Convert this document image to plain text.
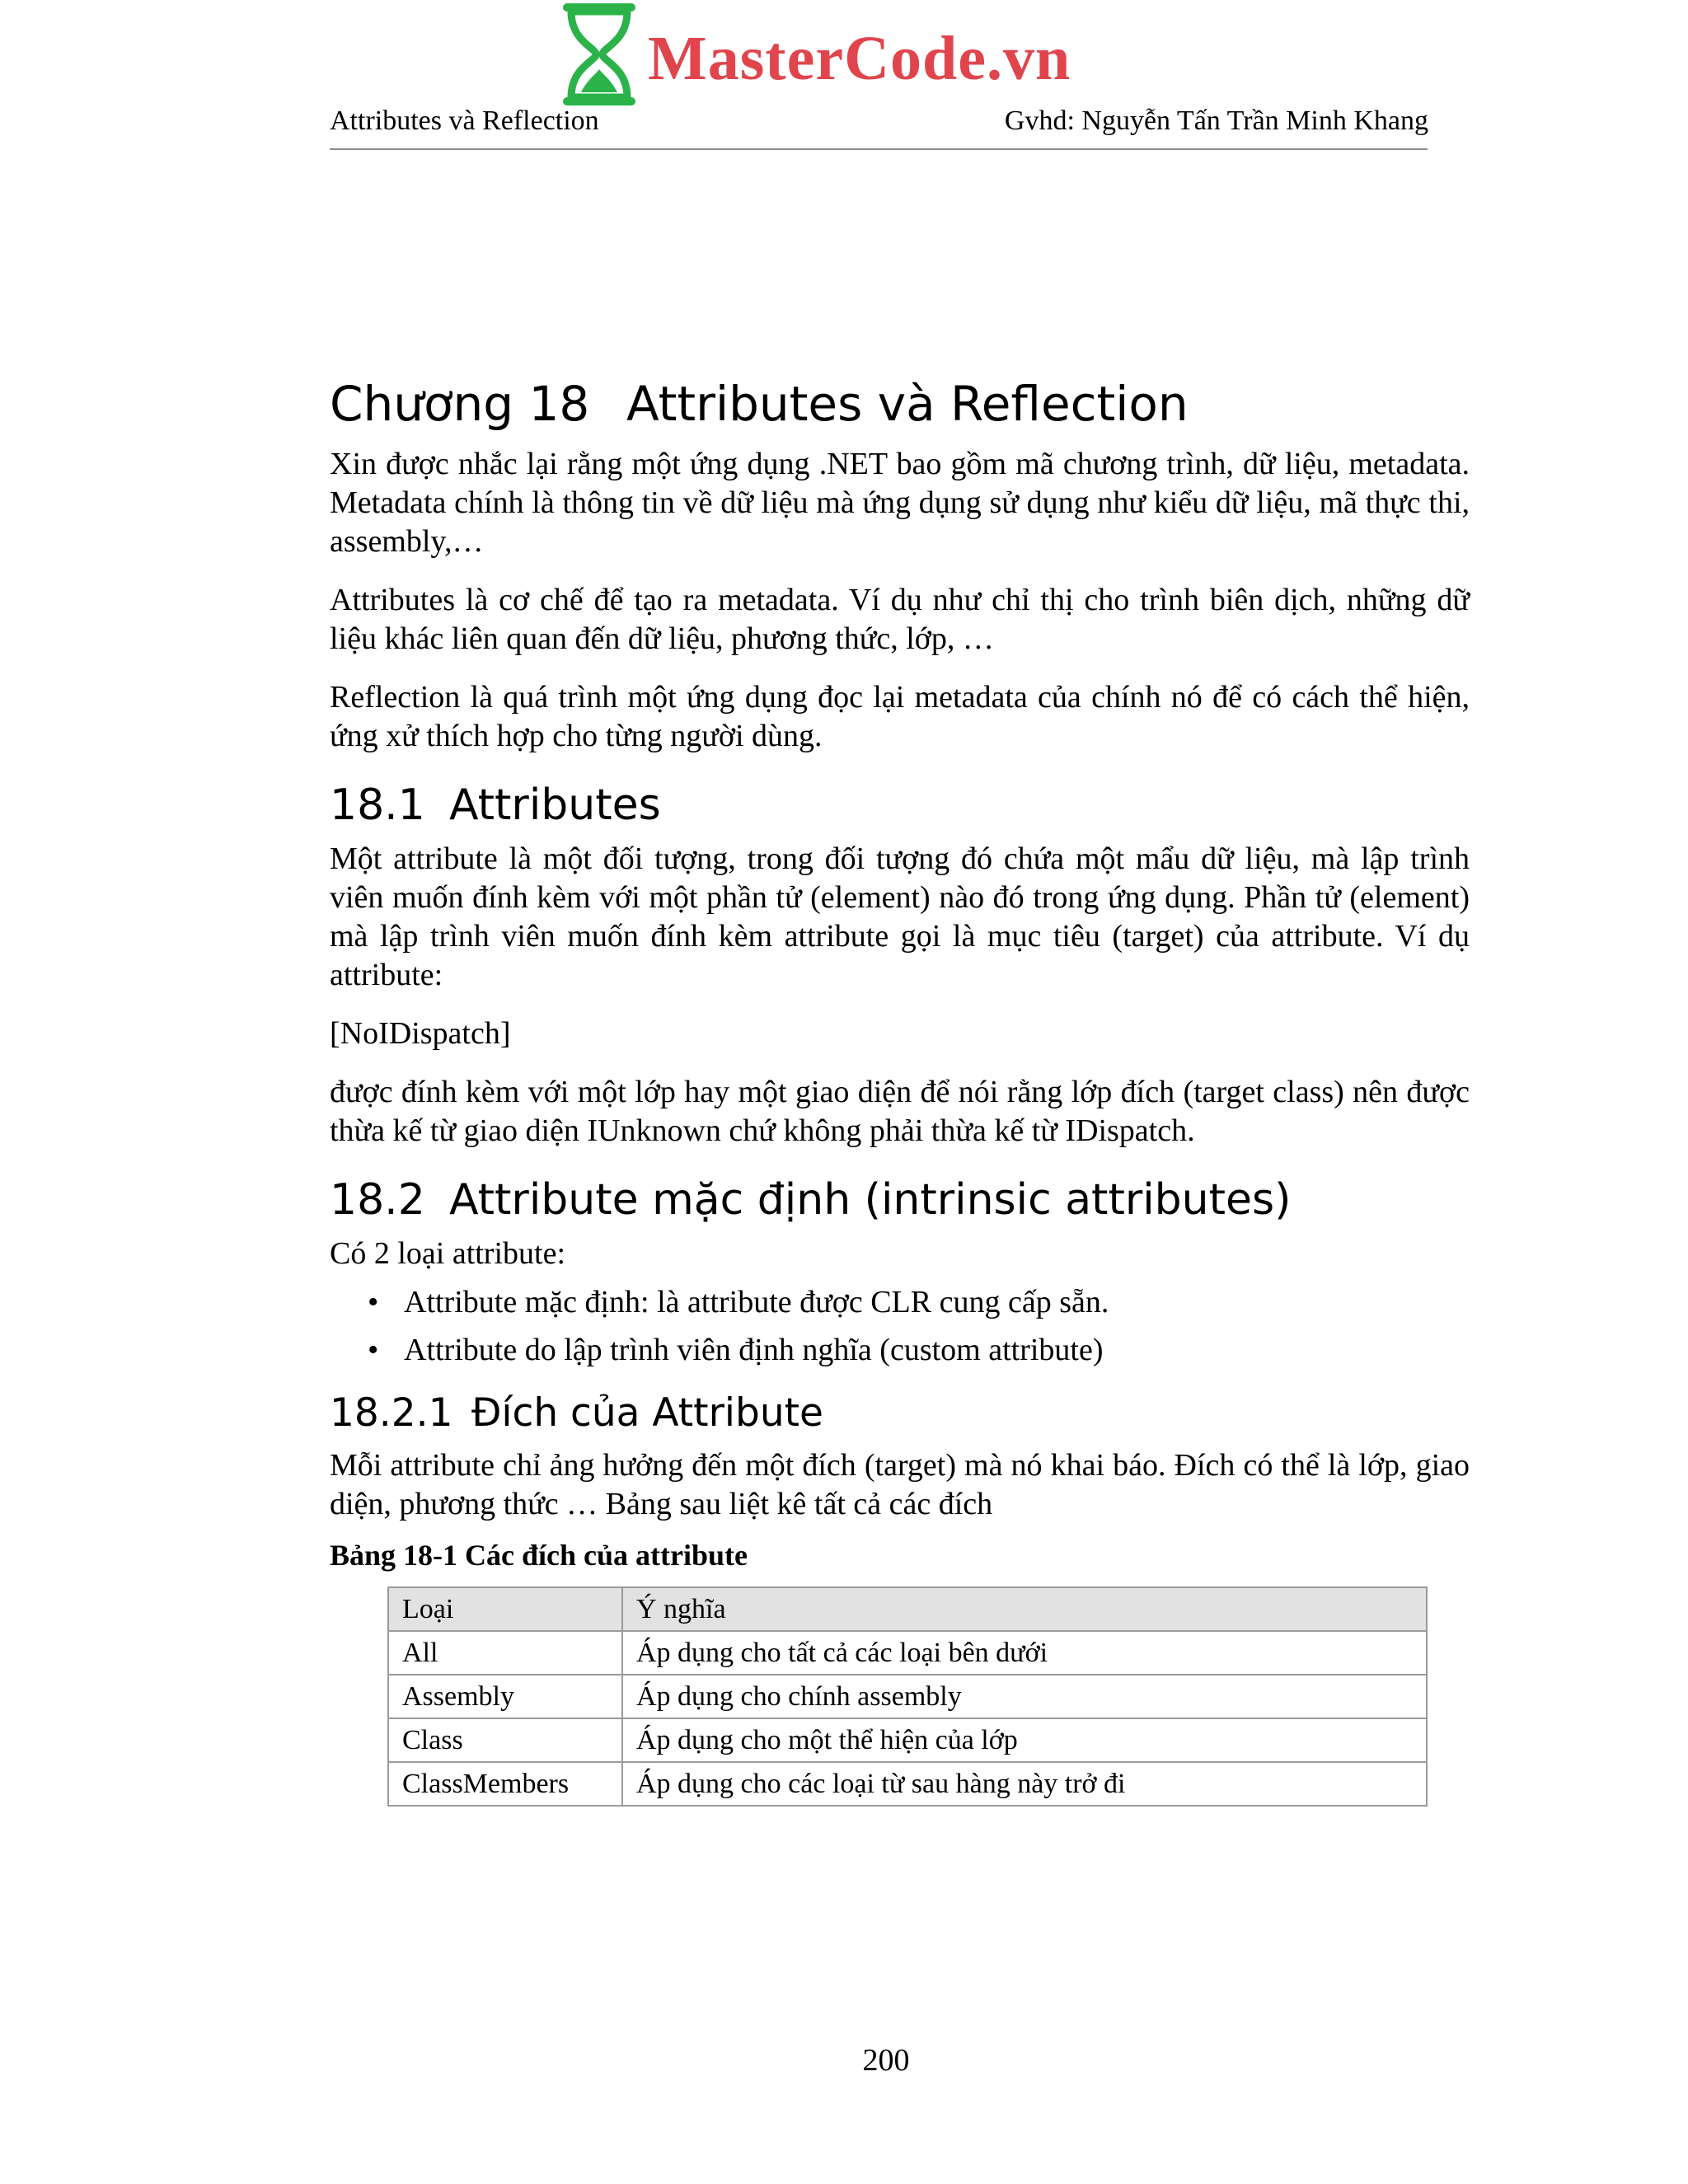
MasterCode.vn
Attributes và Reflection	Gvhd: Nguyễn Tấn Trần Minh Khang
Chương 18 Attributes và Reflection

Xin được nhắc lại rằng một ứng dụng .NET bao gồm mã chương trình, dữ liệu, metadata. Metadata chính là thông tin về dữ liệu mà ứng dụng sử dụng như kiểu dữ liệu, mã thực thi, assembly,…

Attributes là cơ chế để tạo ra metadata. Ví dụ như chỉ thị cho trình biên dịch, những dữ liệu khác liên quan đến dữ liệu, phương thức, lớp, …

Reflection là quá trình một ứng dụng đọc lại metadata của chính nó để có cách thể hiện, ứng xử thích hợp cho từng người dùng.

18.1 Attributes

Một attribute là một đối tượng, trong đối tượng đó chứa một mẩu dữ liệu, mà lập trình viên muốn đính kèm với một phần tử (element) nào đó trong ứng dụng. Phần tử (element) mà lập trình viên muốn đính kèm attribute gọi là mục tiêu (target) của attribute. Ví dụ attribute:

[NoIDispatch]

được đính kèm với một lớp hay một giao diện để nói rằng lớp đích (target class) nên được thừa kế từ giao diện IUnknown chứ không phải thừa kế từ IDispatch.

18.2 Attribute mặc định (intrinsic attributes)

Có 2 loại attribute:

• Attribute mặc định: là attribute được CLR cung cấp sẵn.
• Attribute do lập trình viên định nghĩa (custom attribute)
18.2.1 Đích của Attribute

Mỗi attribute chỉ ảng hưởng đến một đích (target) mà nó khai báo. Đích có thể là lớp, giao diện, phương thức … Bảng sau liệt kê tất cả các đích

Bảng 18-1 Các đích của attribute
Loại	Ý nghĩa
All	Áp dụng cho tất cả các loại bên dưới
Assembly	Áp dụng cho chính assembly
Class	Áp dụng cho một thể hiện của lớp
ClassMembers	Áp dụng cho các loại từ sau hàng này trở đi
200
